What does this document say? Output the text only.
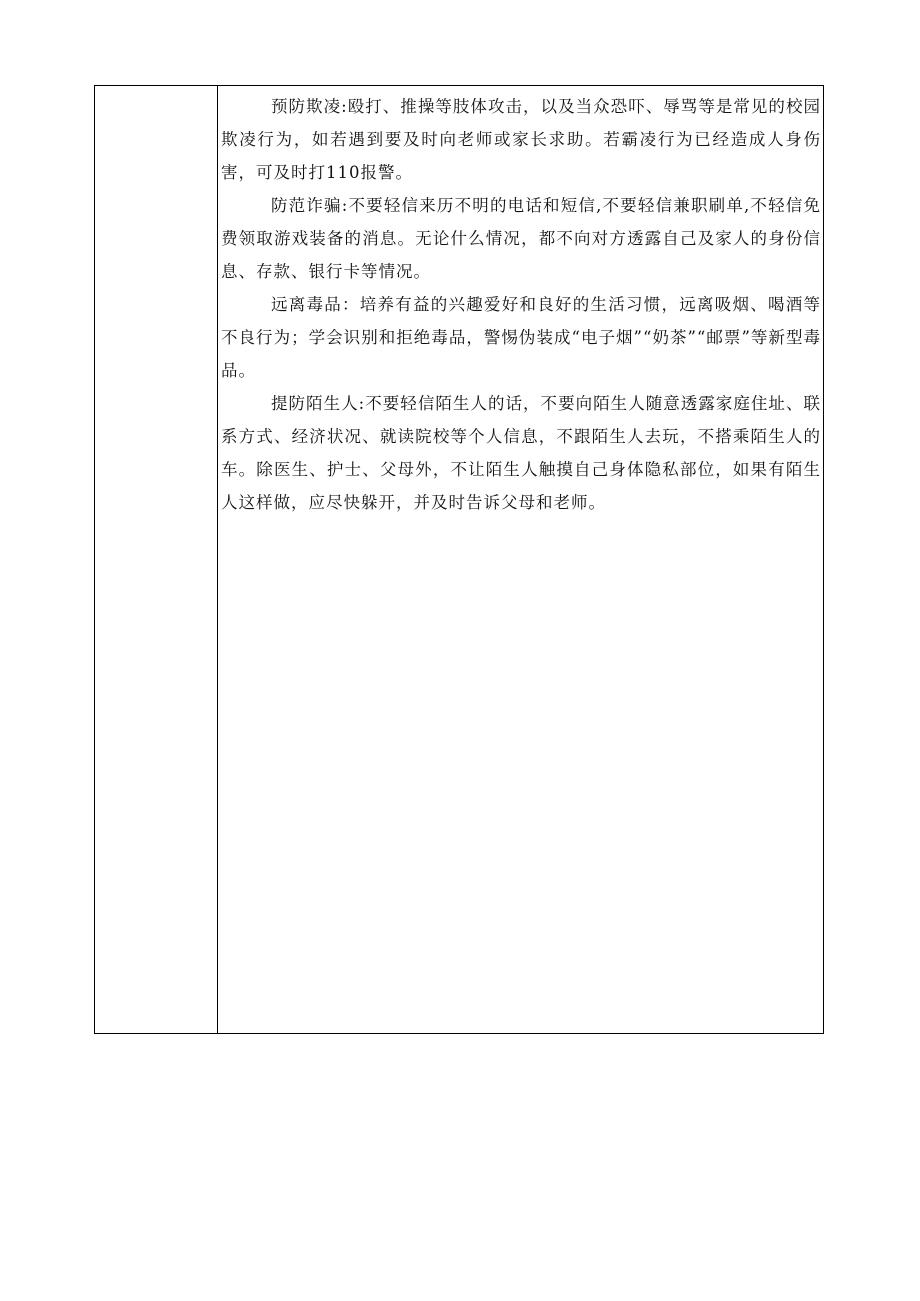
预防欺凌:殴打、推操等肢体攻击，以及当众恐吓、辱骂等是常见的校园欺凌行为，如若遇到要及时向老师或家长求助。若霸凌行为已经造成人身伤害，可及时打110报警。

防范诈骗:不要轻信来历不明的电话和短信,不要轻信兼职刷单,不轻信免费领取游戏装备的消息。无论什么情况，都不向对方透露自己及家人的身份信息、存款、银行卡等情况。

远离毒品：培养有益的兴趣爱好和良好的生活习惯，远离吸烟、喝酒等不良行为；学会识别和拒绝毒品，警惕伪装成“电子烟”“奶茶”“邮票”等新型毒品。

提防陌生人:不要轻信陌生人的话，不要向陌生人随意透露家庭住址、联系方式、经济状况、就读院校等个人信息，不跟陌生人去玩，不搭乘陌生人的车。除医生、护士、父母外，不让陌生人触摸自己身体隐私部位，如果有陌生人这样做，应尽快躲开，并及时告诉父母和老师。
